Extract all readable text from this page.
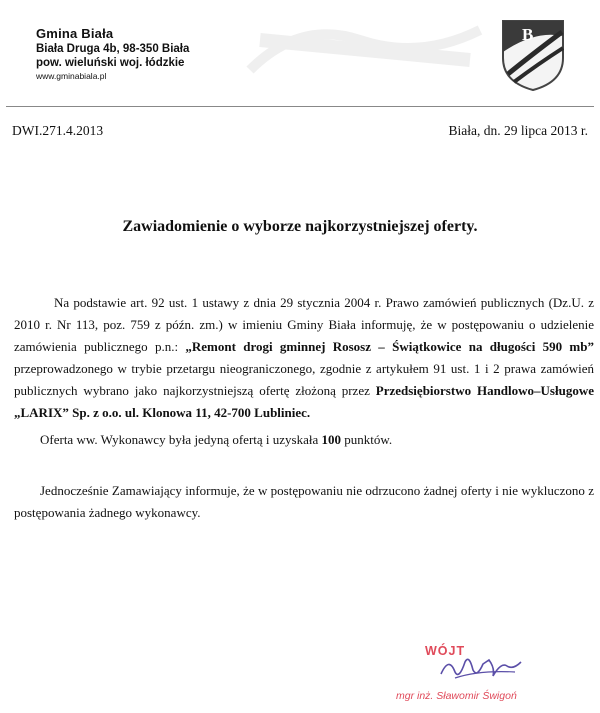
Gmina Biała
Biała Druga 4b, 98-350 Biała
pow. wieluński woj. łódzkie
www.gminabiala.pl
B
DWI.271.4.2013	Biała, dn. 29 lipca 2013 r.
Zawiadomienie o wyborze najkorzystniejszej oferty.

Na podstawie art. 92 ust. 1 ustawy z dnia 29 stycznia 2004 r. Prawo zamówień publicznych (Dz.U. z 2010 r. Nr 113, poz. 759 z późn. zm.) w imieniu Gminy Biała informuję, że w postępowaniu o udzielenie zamówienia publicznego p.n.: „Remont drogi gminnej Rososz – Świątkowice na długości 590 mb” przeprowadzonego w trybie przetargu nieograniczonego, zgodnie z artykułem 91 ust. 1 i 2 prawa zamówień publicznych wybrano jako najkorzystniejszą ofertę złożoną przez Przedsiębiorstwo Handlowo–Usługowe „LARIX” Sp. z o.o. ul. Klonowa 11, 42-700 Lubliniec.

Oferta ww. Wykonawcy była jedyną ofertą i uzyskała 100 punktów.

Jednocześnie Zamawiający informuje, że w postępowaniu nie odrzucono żadnej oferty i nie wykluczono z postępowania żadnego wykonawcy.

WÓJT
mgr inż. Sławomir Świgoń
